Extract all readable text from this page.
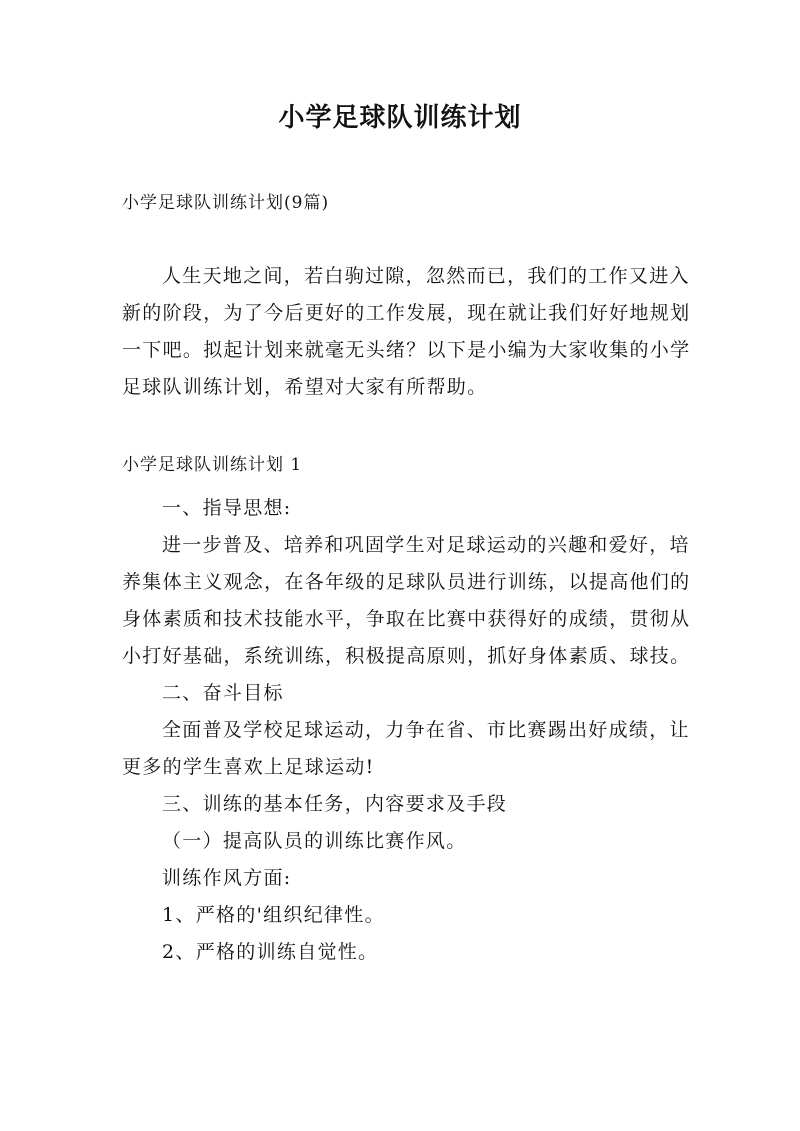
小学足球队训练计划
小学足球队训练计划(9篇)
人生天地之间，若白驹过隙，忽然而已，我们的工作又进入新的阶段，为了今后更好的工作发展，现在就让我们好好地规划一下吧。拟起计划来就毫无头绪？以下是小编为大家收集的小学足球队训练计划，希望对大家有所帮助。
小学足球队训练计划 1

一、指导思想:

进一步普及、培养和巩固学生对足球运动的兴趣和爱好，培养集体主义观念，在各年级的足球队员进行训练，以提高他们的身体素质和技术技能水平，争取在比赛中获得好的成绩，贯彻从小打好基础，系统训练，积极提高原则，抓好身体素质、球技。

二、奋斗目标

全面普及学校足球运动，力争在省、市比赛踢出好成绩，让更多的学生喜欢上足球运动!

三、训练的基本任务，内容要求及手段

（一）提高队员的训练比赛作风。

训练作风方面:

1、严格的'组织纪律性。

2、严格的训练自觉性。
